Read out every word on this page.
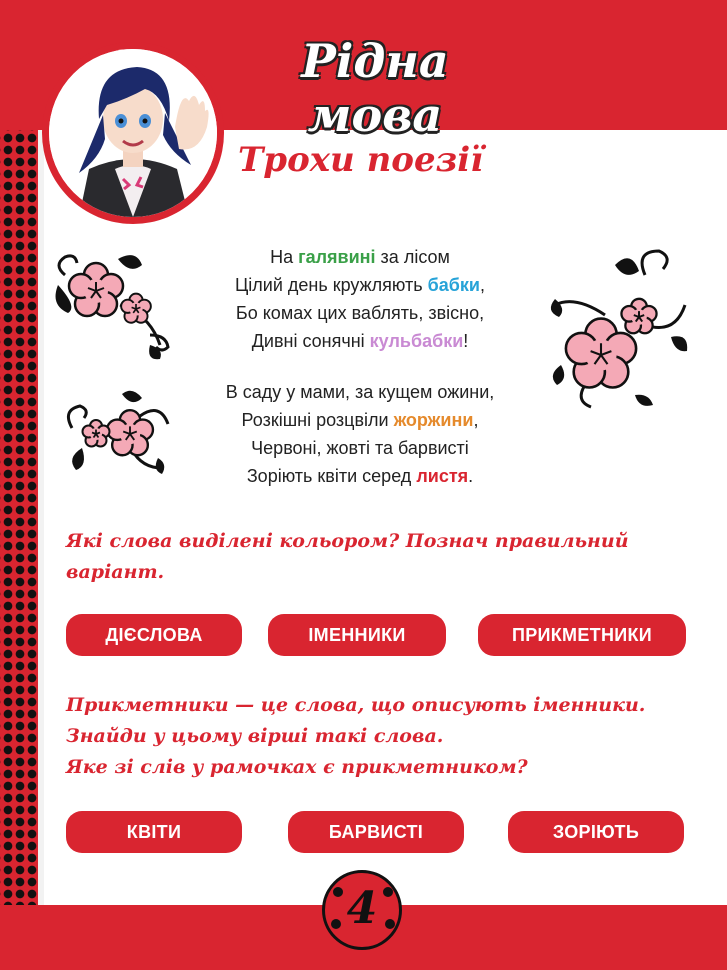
Рідна мова
Трохи поезії
На галявині за лісом
Цілий день кружляють бабки,
Бо комах цих ваблять, звісно,
Дивні сонячні кульбабки!
В саду у мами, за кущем ожини,
Розкішні розцвіли жоржини,
Червоні, жовті та барвисті
Зоріють квіти серед листя.
Які слова виділені кольором? Познач правильний
варіант.
ДІЄСЛОВА	ІМЕННИКИ	ПРИКМЕТНИКИ
Прикметники — це слова, що описують іменники.
Знайди у цьому вірші такі слова.
Яке зі слів у рамочках є прикметником?
КВІТИ	БАРВИСТІ	ЗОРІЮТЬ
4
